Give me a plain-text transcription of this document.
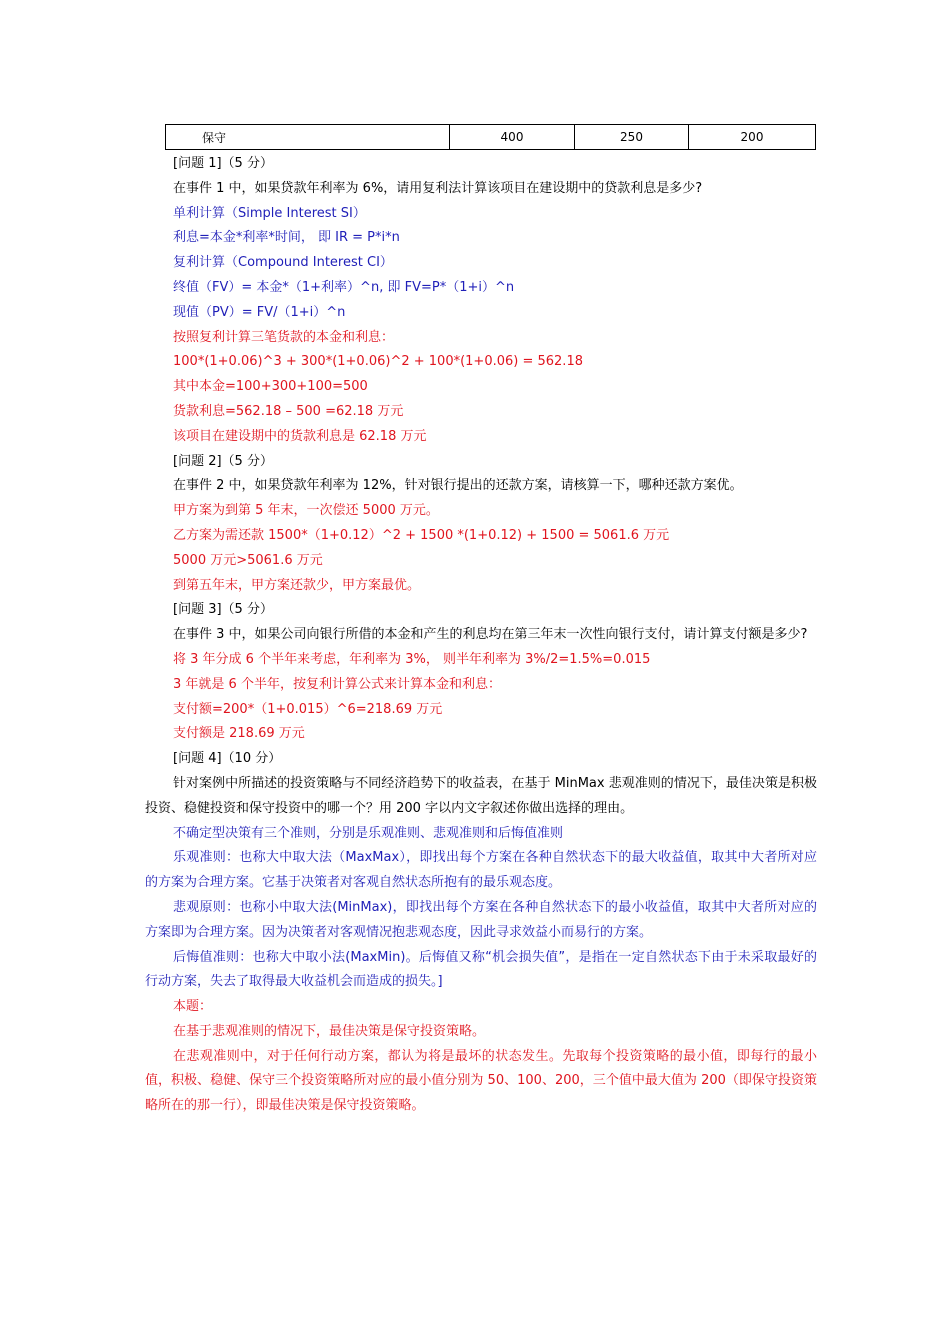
保守	400	250	200

[问题 1]（5 分）

在事件 1 中，如果贷款年利率为 6%，请用复利法计算该项目在建设期中的贷款利息是多少?

单利计算（Simple Interest SI）

利息=本金*利率*时间， 即 IR = P*i*n

复利计算（Compound Interest CI）

终值（FV）= 本金*（1+利率）^n, 即 FV=P*（1+i）^n

现值（PV）= FV/（1+i）^n

按照复利计算三笔货款的本金和利息：

100*(1+0.06)^3 + 300*(1+0.06)^2 + 100*(1+0.06) = 562.18

其中本金=100+300+100=500

货款利息=562.18 – 500 =62.18 万元

该项目在建设期中的货款利息是 62.18 万元

[问题 2]（5 分）

在事件 2 中，如果贷款年利率为 12%，针对银行提出的还款方案，请核算一下，哪种还款方案优。

甲方案为到第 5 年末，一次偿还 5000 万元。

乙方案为需还款 1500*（1+0.12）^2 + 1500 *(1+0.12) + 1500 = 5061.6 万元

5000 万元>5061.6 万元

到第五年末，甲方案还款少，甲方案最优。

[问题 3]（5 分）

在事件 3 中，如果公司向银行所借的本金和产生的利息均在第三年末一次性向银行支付，请计算支付额是多少?

将 3 年分成 6 个半年来考虑，年利率为 3%， 则半年利率为 3%/2=1.5%=0.015

3 年就是 6 个半年，按复利计算公式来计算本金和利息：

支付额=200*（1+0.015）^6=218.69 万元

支付额是 218.69 万元

[问题 4]（10 分）

针对案例中所描述的投资策略与不同经济趋势下的收益表，在基于 MinMax 悲观准则的情况下，最佳决策是积极投资、稳健投资和保守投资中的哪一个？用 200 字以内文字叙述你做出选择的理由。

不确定型决策有三个准则，分别是乐观准则、悲观准则和后悔值准则

乐观准则：也称大中取大法（MaxMax），即找出每个方案在各种自然状态下的最大收益值，取其中大者所对应的方案为合理方案。它基于决策者对客观自然状态所抱有的最乐观态度。

悲观原则：也称小中取大法(MinMax)，即找出每个方案在各种自然状态下的最小收益值，取其中大者所对应的方案即为合理方案。因为决策者对客观情况抱悲观态度，因此寻求效益小而易行的方案。

后悔值准则：也称大中取小法(MaxMin)。后悔值又称“机会损失值”，是指在一定自然状态下由于未采取最好的行动方案，失去了取得最大收益机会而造成的损失。]

本题：

在基于悲观准则的情况下，最佳决策是保守投资策略。

在悲观准则中，对于任何行动方案，都认为将是最坏的状态发生。先取每个投资策略的最小值，即每行的最小值，积极、稳健、保守三个投资策略所对应的最小值分别为 50、100、200，三个值中最大值为 200（即保守投资策略所在的那一行），即最佳决策是保守投资策略。
